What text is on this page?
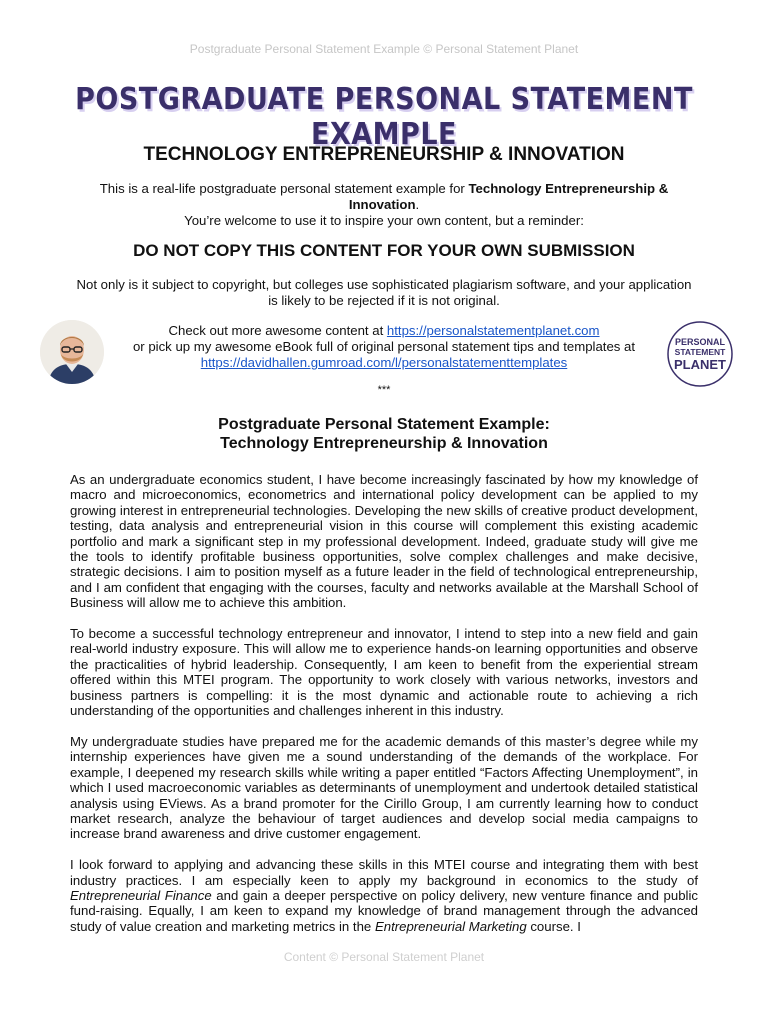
Postgraduate Personal Statement Example © Personal Statement Planet
POSTGRADUATE PERSONAL STATEMENT EXAMPLE
TECHNOLOGY ENTREPRENEURSHIP & INNOVATION
This is a real-life postgraduate personal statement example for Technology Entrepreneurship & Innovation.
You’re welcome to use it to inspire your own content, but a reminder:
DO NOT COPY THIS CONTENT FOR YOUR OWN SUBMISSION
Not only is it subject to copyright, but colleges use sophisticated plagiarism software, and your application is likely to be rejected if it is not original.
Check out more awesome content at https://personalstatementplanet.com
or pick up my awesome eBook full of original personal statement tips and templates at
https://davidhallen.gumroad.com/l/personalstatementtemplates
PERSONAL
STATEMENT
PLANET
***
Postgraduate Personal Statement Example:
Technology Entrepreneurship & Innovation

As an undergraduate economics student, I have become increasingly fascinated by how my knowledge of macro and microeconomics, econometrics and international policy development can be applied to my growing interest in entrepreneurial technologies. Developing the new skills of creative product development, testing, data analysis and entrepreneurial vision in this course will complement this existing academic portfolio and mark a significant step in my professional development. Indeed, graduate study will give me the tools to identify profitable business opportunities, solve complex challenges and make decisive, strategic decisions. I aim to position myself as a future leader in the field of technological entrepreneurship, and I am confident that engaging with the courses, faculty and networks available at the Marshall School of Business will allow me to achieve this ambition.

To become a successful technology entrepreneur and innovator, I intend to step into a new field and gain real-world industry exposure. This will allow me to experience hands-on learning opportunities and observe the practicalities of hybrid leadership. Consequently, I am keen to benefit from the experiential stream offered within this MTEI program. The opportunity to work closely with various networks, investors and business partners is compelling: it is the most dynamic and actionable route to achieving a rich understanding of the opportunities and challenges inherent in this industry.

My undergraduate studies have prepared me for the academic demands of this master’s degree while my internship experiences have given me a sound understanding of the demands of the workplace. For example, I deepened my research skills while writing a paper entitled “Factors Affecting Unemployment”, in which I used macroeconomic variables as determinants of unemployment and undertook detailed statistical analysis using EViews. As a brand promoter for the Cirillo Group, I am currently learning how to conduct market research, analyze the behaviour of target audiences and develop social media campaigns to increase brand awareness and drive customer engagement.

I look forward to applying and advancing these skills in this MTEI course and integrating them with best industry practices. I am especially keen to apply my background in economics to the study of Entrepreneurial Finance and gain a deeper perspective on policy delivery, new venture finance and public fund-raising. Equally, I am keen to expand my knowledge of brand management through the advanced study of value creation and marketing metrics in the Entrepreneurial Marketing course. I

Content © Personal Statement Planet
